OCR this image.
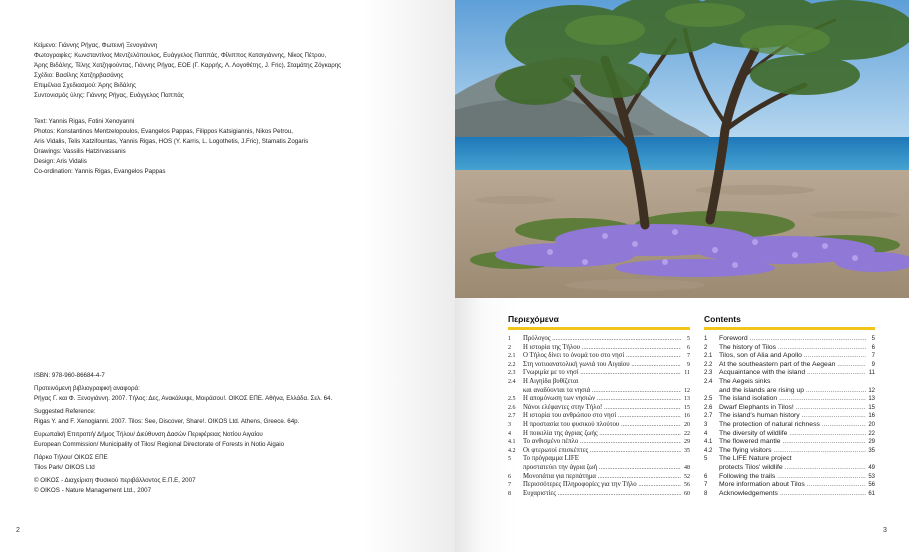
Κείμενο: Γιάννης Ρήγας, Φωτεινή Ξενογιάννη

Φωτογραφίες: Κωνσταντίνος Μεντζελόπουλος, Ευάγγελος Παππάς, Φίλιππος Κατσιγιάννης, Νίκος Πέτρου,

Άρης Βιδάλης, Τέλης Χατζηφούντας, Γιάννης Ρήγας, ΕΟΕ (Γ. Καρρής, Λ. Λογοθέτης, J. Fric), Σταμάτης Ζόγκαρης

Σχέδιο: Βασίλης Χατζηρβασάνης

Επιμέλεια Σχεδιασμού: Άρης Βιδάλης

Συντονισμός ύλης: Γιάννης Ρήγας, Ευάγγελος Παππάς

Text: Yannis Rigas, Fotini Xenoyanni

Photos: Konstantinos Mentzelopoulos, Evangelos Pappas, Filippos Katsigiannis, Nikos Petrou,

Aris Vidalis, Telis Xatzifountas, Yannis Rigas, HOS (Y. Karris, L. Logothetis, J.Fric), Stamatis Zogaris

Drawings: Vassilis Hatzirvassanis

Design: Aris Vidalis

Co-ordination: Yannis Rigas, Evangelos Pappas

ISBN: 978-960-86684-4-7

Προτεινόμενη βιβλιογραφική αναφορά:

Ρήγας Γ. και Φ. Ξενογιάννη. 2007. Τήλος: Δες, Ανακάλυψε, Μοιράσου!. ΟΙΚΟΣ ΕΠΕ. Αθήνα, Ελλάδα. Σελ. 64.

Suggested Reference:

Rigas Y. and F. Xenogianni. 2007. Tilos: See, Discover, Share!. OIKOS Ltd. Athens, Greece. 64p.

Ευρωπαϊκή Επιτροπή/ Δήμος Τήλου/ Διεύθυνση Δασών Περιφέρειας Νοτίου Αιγαίου

European Commission/ Municipality of Tilos/ Regional Directorate of Forests in Notio Aigaio

Πάρκο Τήλου/ ΟΙΚΟΣ ΕΠΕ

Tilos Park/ OIKOS Ltd

© ΟΙΚΟΣ - Διαχείριση Φυσικού περιβάλλοντος Ε.Π.Ε, 2007

© OIKOS - Nature Management Ltd., 2007

2
Περιεχόμενα
1	Πρόλογος .....	5
2	Η ιστορία της Τήλου .....	6
2.1	Ο Τήλος δίνει το όνομά του στο νησί .....	7
2.2	Στη νοτιοανατολική γωνιά του Αιγαίου .....	9
2.3	Γνωριμία με το νησί .....	11
2.4	Η Αιγηίδα βυθίζεται
και αναδύονται τα νησιά .....	12
2.5	Η απομόνωση των νησιών .....	13
2.6	Νάνοι ελέφαντες στην Τήλο! .....	15
2.7	Η ιστορία του ανθρώπου στο νησί .....	16
3	Η προστασία του φυσικού πλούτου .....	20
4	Η ποικιλία της άγριας ζωής .....	22
4.1	Το ανθισμένο πέπλο .....	29
4.2	Οι φτερωτοί επισκέπτες .....	35
5	Το πρόγραμμα LIFE
προστατεύει την άγρια ζωή .....	48
6	Μονοπάτια για περπάτημα .....	52
7	Περισσότερες Πληροφορίες για την Τήλο .....	56
8	Ευχαριστίες .....	60
Contents
1	Foreword .....	5
2	The history of Tilos .....	6
2.1 Tilos, son of Alia and Apollo .....	7
2.2 At the southeastern part of the Aegean .....	9
2.3 Acquaintance with the island .....	11
2.4 The Aegeis sinks
and the islands are rising up .....	12
2.5 The island isolation .....	13
2.6 Dwarf Elephants in Tilos! .....	15
2.7 The island's human history .....	16
3	The protection of natural richness .....	20
4	The diversity of wildlife .....	22
4.1 The flowered mantle .....	29
4.2 The flying visitors .....	35
5	The LIFE Nature project
protects Tilos' wildlife .....	49
6	Following the trails .....	53
7	More information about Tilos .....	56
8	Acknowledgements .....	61
3
